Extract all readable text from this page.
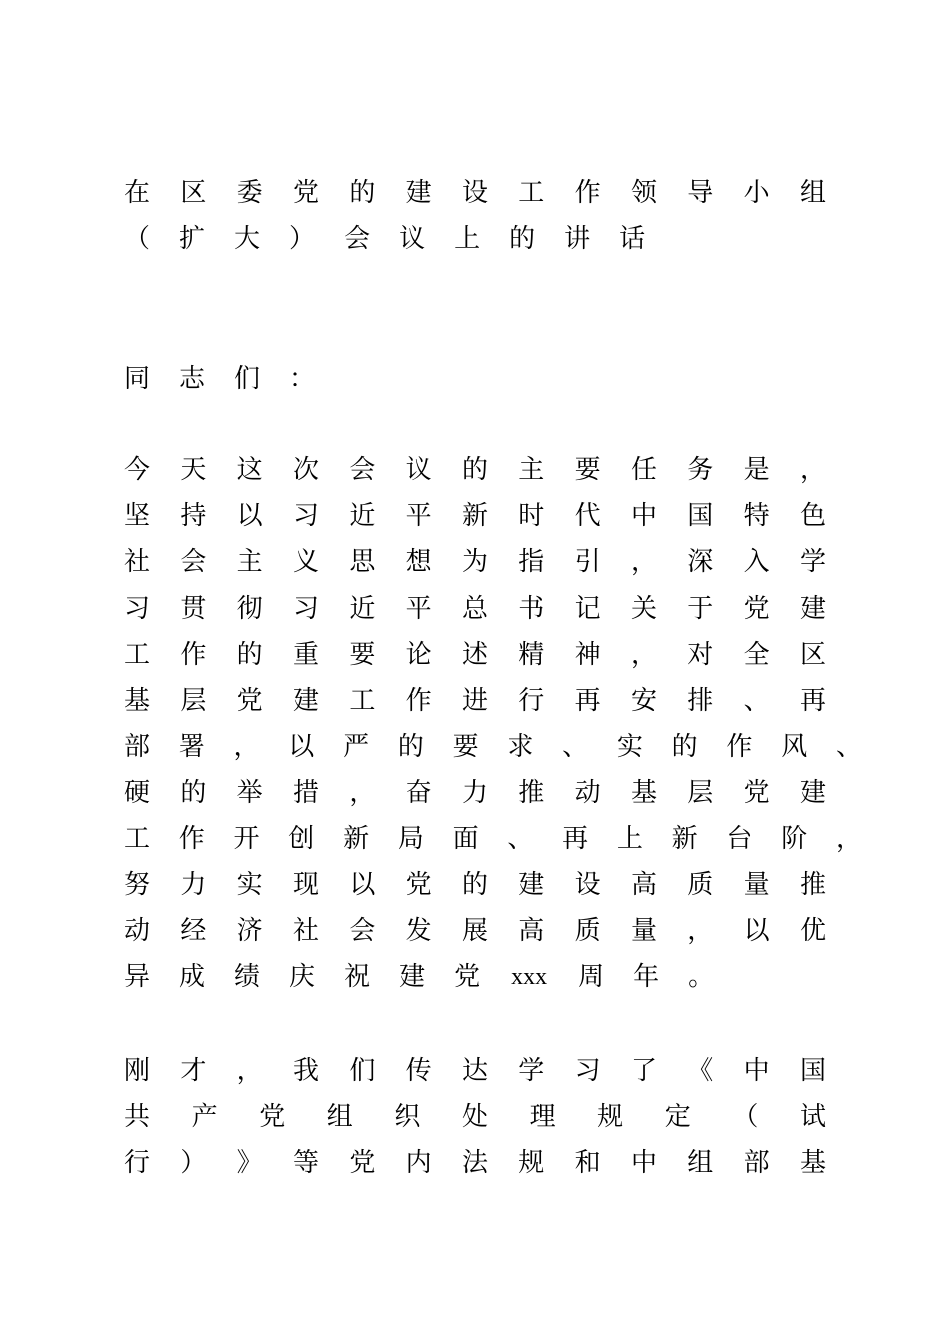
在 区 委 党 的 建 设 工 作 领 导 小 组
（ 扩 大 ） 会 议 上 的 讲 话
同 志 们 ：
今 天 这 次 会 议 的 主 要 任 务 是 ，
坚 持 以 习 近 平 新 时 代 中 国 特 色
社 会 主 义 思 想 为 指 引 ， 深 入 学
习 贯 彻 习 近 平 总 书 记 关 于 党 建
工 作 的 重 要 论 述 精 神 ， 对 全 区
基 层 党 建 工 作 进 行 再 安 排 、 再
部 署 ， 以 严 的 要 求 、 实 的 作 风 、
硬 的 举 措 ， 奋 力 推 动 基 层 党 建
工 作 开 创 新 局 面 、 再 上 新 台 阶 ，
努 力 实 现 以 党 的 建 设 高 质 量 推
动 经 济 社 会 发 展 高 质 量 ， 以 优
异 成 绩 庆 祝 建 党 xxx 周 年 。
刚 才 ， 我 们 传 达 学 习 了 《 中 国
共 产 党 组 织 处 理 规 定 （ 试
行 ） 》 等 党 内 法 规 和 中 组 部 基
